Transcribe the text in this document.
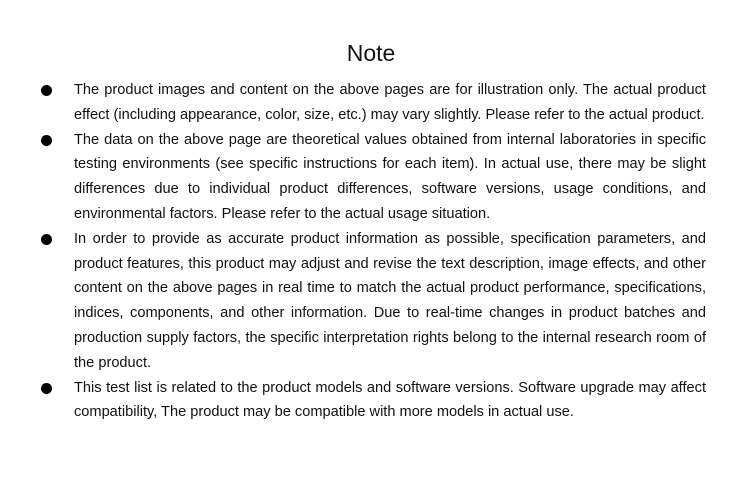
Note
The product images and content on the above pages are for illustration only. The actual product effect (including appearance, color, size, etc.) may vary slightly. Please refer to the actual product.
The data on the above page are theoretical values obtained from internal laboratories in specific testing environments (see specific instructions for each item). In actual use, there may be slight differences due to individual product differences, software versions, usage conditions, and environmental factors. Please refer to the actual usage situation.
In order to provide as accurate product information as possible, specification parameters, and product features, this product may adjust and revise the text description, image effects, and other content on the above pages in real time to match the actual product performance, specifications, indices, components, and other information. Due to real-time changes in product batches and production supply factors, the specific interpretation rights belong to the internal research room of the product.
This test list is related to the product models and software versions. Software upgrade may affect compatibility, The product may be compatible with more models in actual use.
